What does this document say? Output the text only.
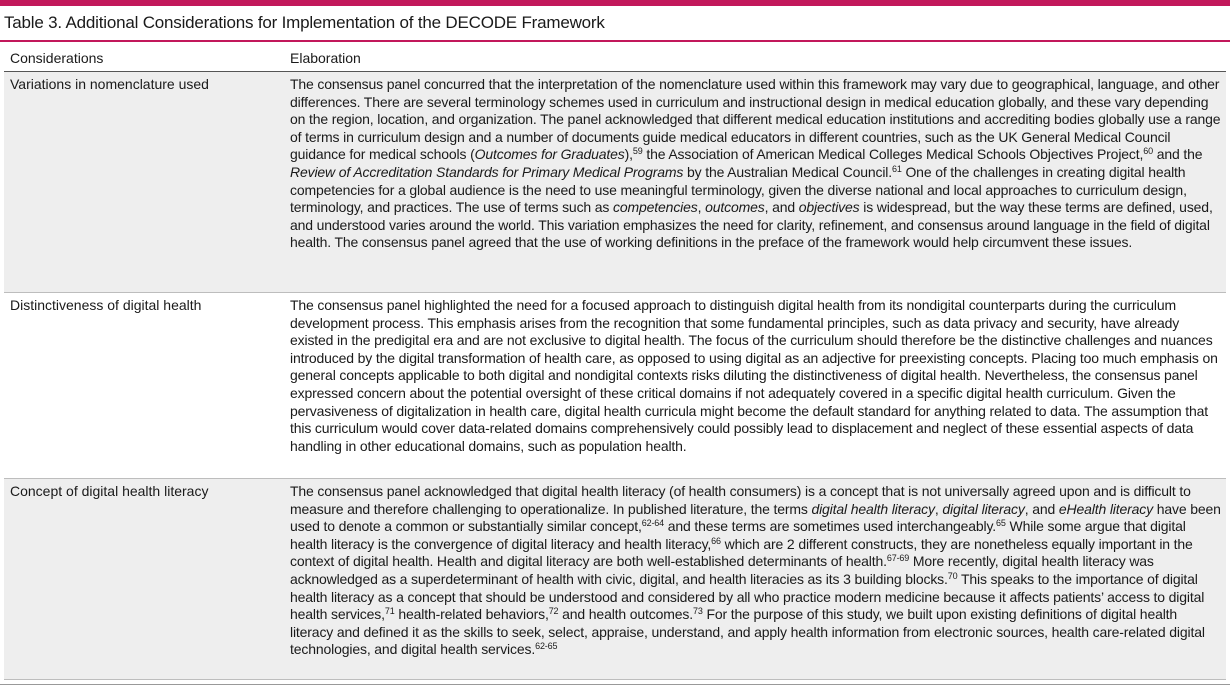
Table 3. Additional Considerations for Implementation of the DECODE Framework
Considerations	Elaboration
Variations in nomenclature used	The consensus panel concurred that the interpretation of the nomenclature used within this framework may vary due to geographical, language, and other differences. There are several terminology schemes used in curriculum and instructional design in medical education globally, and these vary depending on the region, location, and organization. The panel acknowledged that different medical education institutions and accrediting bodies globally use a range of terms in curriculum design and a number of documents guide medical educators in different countries, such as the UK General Medical Council guidance for medical schools (Outcomes for Graduates),$^{59}$ the Association of American Medical Colleges Medical Schools Objectives Project,$^{60}$ and the Review of Accreditation Standards for Primary Medical Programs by the Australian Medical Council.$^{61}$ One of the challenges in creating digital health competencies for a global audience is the need to use meaningful terminology, given the diverse national and local approaches to curriculum design, terminology, and practices. The use of terms such as competencies, outcomes, and objectives is widespread, but the way these terms are defined, used, and understood varies around the world. This variation emphasizes the need for clarity, refinement, and consensus around language in the field of digital health. The consensus panel agreed that the use of working definitions in the preface of the framework would help circumvent these issues.
Distinctiveness of digital health	The consensus panel highlighted the need for a focused approach to distinguish digital health from its nondigital counterparts during the curriculum development process. This emphasis arises from the recognition that some fundamental principles, such as data privacy and security, have already existed in the predigital era and are not exclusive to digital health. The focus of the curriculum should therefore be the distinctive challenges and nuances introduced by the digital transformation of health care, as opposed to using digital as an adjective for preexisting concepts. Placing too much emphasis on general concepts applicable to both digital and nondigital contexts risks diluting the distinctiveness of digital health. Nevertheless, the consensus panel expressed concern about the potential oversight of these critical domains if not adequately covered in a specific digital health curriculum. Given the pervasiveness of digitalization in health care, digital health curricula might become the default standard for anything related to data. The assumption that this curriculum would cover data-related domains comprehensively could possibly lead to displacement and neglect of these essential aspects of data handling in other educational domains, such as population health.
Concept of digital health literacy	The consensus panel acknowledged that digital health literacy (of health consumers) is a concept that is not universally agreed upon and is difficult to measure and therefore challenging to operationalize. In published literature, the terms digital health literacy, digital literacy, and eHealth literacy have been used to denote a common or substantially similar concept,$^{62-64}$ and these terms are sometimes used interchangeably.$^{65}$ While some argue that digital health literacy is the convergence of digital literacy and health literacy,$^{66}$ which are 2 different constructs, they are nonetheless equally important in the context of digital health. Health and digital literacy are both well-established determinants of health.$^{67-69}$ More recently, digital health literacy was acknowledged as a superdeterminant of health with civic, digital, and health literacies as its 3 building blocks.$^{70}$ This speaks to the importance of digital health literacy as a concept that should be understood and considered by all who practice modern medicine because it affects patients’ access to digital health services,$^{71}$ health-related behaviors,$^{72}$ and health outcomes.$^{73}$ For the purpose of this study, we built upon existing definitions of digital health literacy and defined it as the skills to seek, select, appraise, understand, and apply health information from electronic sources, health care-related digital technologies, and digital health services.$^{62-65}$
